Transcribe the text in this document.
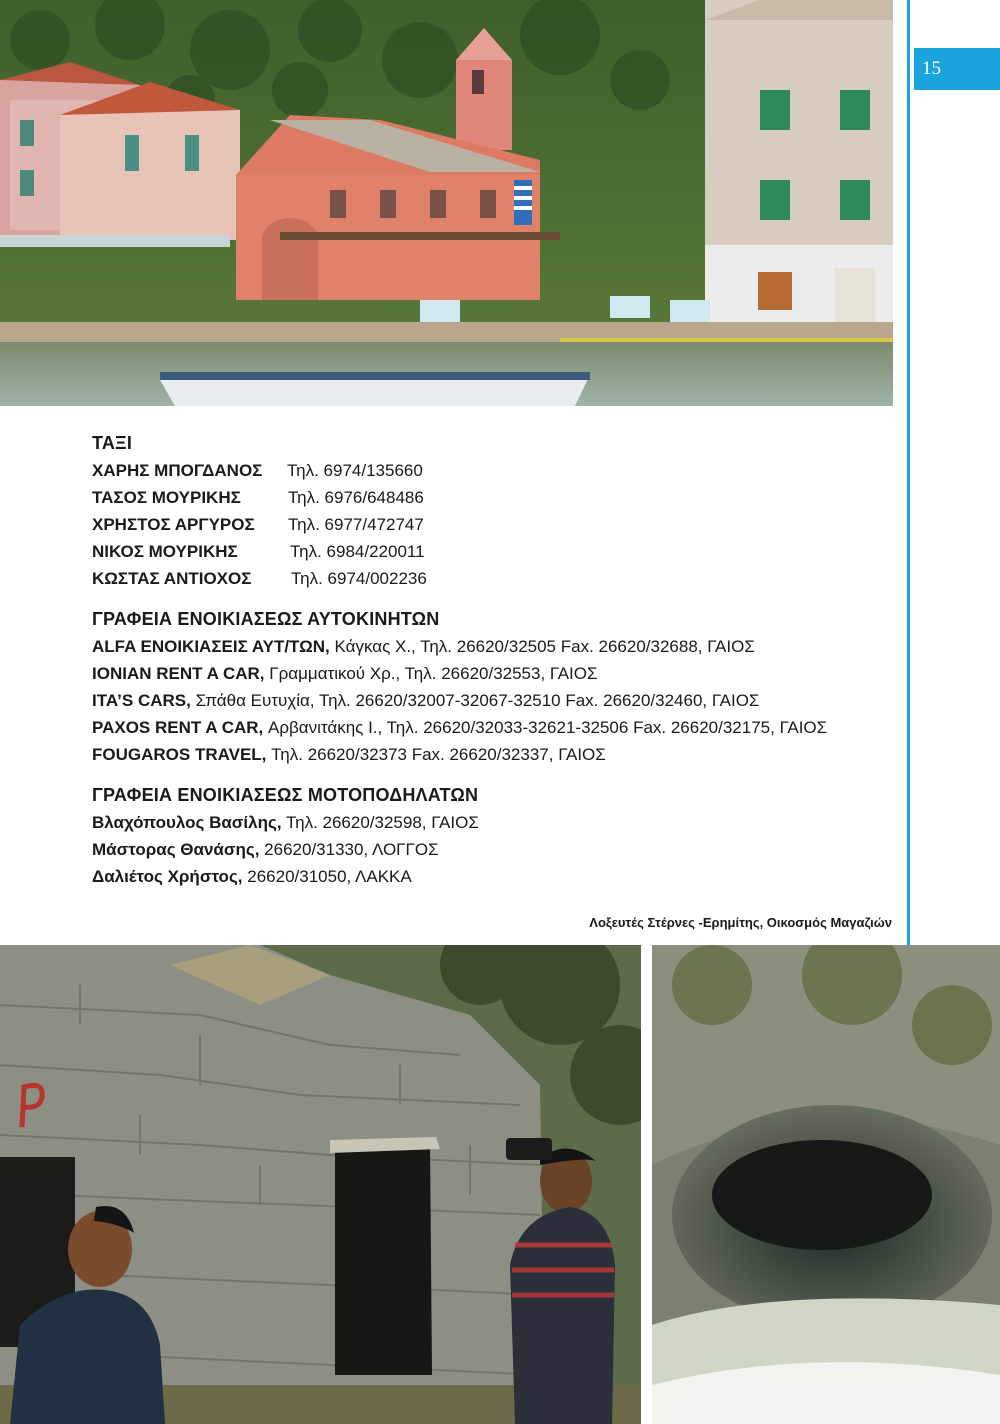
15
ΤΑΞΙ
ΧΑΡΗΣ ΜΠΟΓΔΑΝΟΣ Τηλ. 6974/135660
ΤΑΣΟΣ ΜΟΥΡΙΚΗΣ	Τηλ. 6976/648486
ΧΡΗΣΤΟΣ ΑΡΓΥΡΟΣ Τηλ. 6977/472747
ΝΙΚΟΣ ΜΟΥΡΙΚΗΣ	Τηλ. 6984/220011
ΚΩΣΤΑΣ ΑΝΤΙΟΧΟΣ Τηλ. 6974/002236
ΓΡΑΦΕΙΑ ΕΝΟΙΚΙΑΣΕΩΣ ΑΥΤΟΚΙΝΗΤΩΝ
ALFA ΕΝΟΙΚΙΑΣΕΙΣ ΑΥΤ/ΤΩΝ, Κάγκας Χ., Τηλ. 26620/32505 Fax. 26620/32688, ΓΑΙΟΣ
IONIAN RENT A CAR, Γραμματικού Χρ., Τηλ. 26620/32553, ΓΑΙΟΣ
ITA’S CARS, Σπάθα Ευτυχία, Τηλ. 26620/32007-32067-32510 Fax. 26620/32460, ΓΑΙΟΣ
PAXOS RENT A CAR, Αρβανιτάκης Ι., Τηλ. 26620/32033-32621-32506 Fax. 26620/32175, ΓΑΙΟΣ
FOUGAROS TRAVEL, Τηλ. 26620/32373 Fax. 26620/32337, ΓΑΙΟΣ
ΓΡΑΦΕΙΑ ΕΝΟΙΚΙΑΣΕΩΣ ΜΟΤΟΠΟΔΗΛΑΤΩΝ
Βλαχόπουλος Βασίλης, Τηλ. 26620/32598, ΓΑΙΟΣ
Μάστορας Θανάσης, 26620/31330, ΛΟΓΓΟΣ
Δαλιέτος Χρήστος, 26620/31050, ΛΑΚΚΑ
Λοξευτές Στέρνες -Ερημίτης, Οικοσμός Μαγαζιών
